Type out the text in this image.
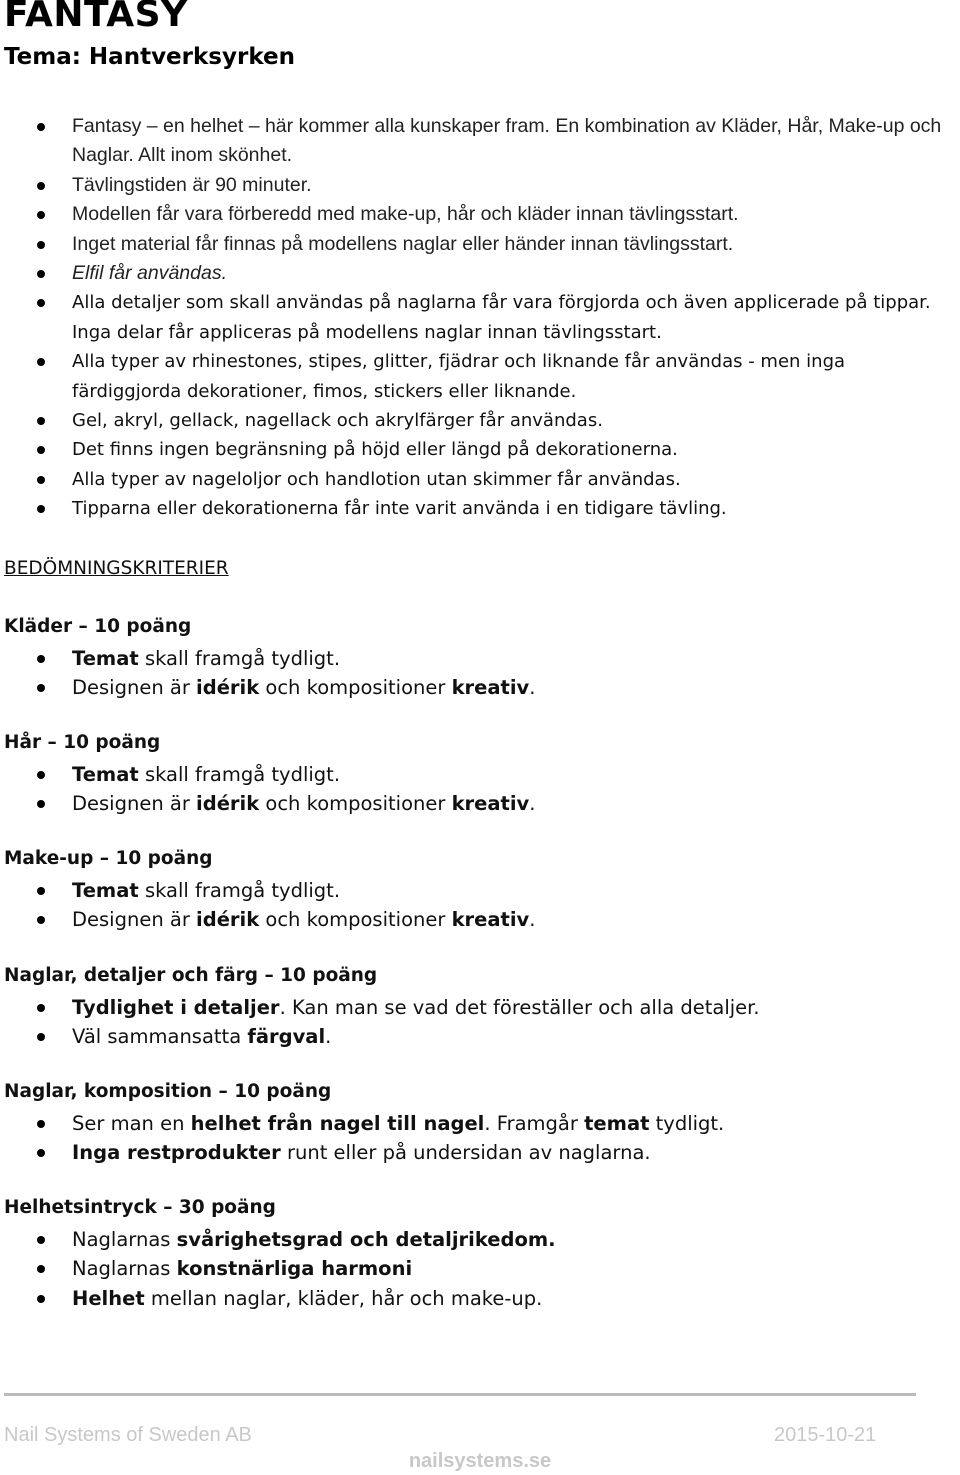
FANTASY
Tema: Hantverksyrken
Fantasy – en helhet – här kommer alla kunskaper fram. En kombination av Kläder, Hår, Make-up och Naglar. Allt inom skönhet.
Tävlingstiden är 90 minuter.
Modellen får vara förberedd med make-up, hår och kläder innan tävlingsstart.
Inget material får finnas på modellens naglar eller händer innan tävlingsstart.
Elfil får användas.
Alla detaljer som skall användas på naglarna får vara förgjorda och även applicerade på tippar. Inga delar får appliceras på modellens naglar innan tävlingsstart.
Alla typer av rhinestones, stipes, glitter, fjädrar och liknande får användas - men inga färdiggjorda dekorationer, fimos, stickers eller liknande.
Gel, akryl, gellack, nagellack och akrylfärger får användas.
Det finns ingen begränsning på höjd eller längd på dekorationerna.
Alla typer av nageloljor och handlotion utan skimmer får användas.
Tipparna eller dekorationerna får inte varit använda i en tidigare tävling.
BEDÖMNINGSKRITERIER
Kläder – 10 poäng
Temat skall framgå tydligt.
Designen är idérik och kompositioner kreativ.
Hår – 10 poäng
Temat skall framgå tydligt.
Designen är idérik och kompositioner kreativ.
Make-up – 10 poäng
Temat skall framgå tydligt.
Designen är idérik och kompositioner kreativ.
Naglar, detaljer och färg – 10 poäng
Tydlighet i detaljer. Kan man se vad det föreställer och alla detaljer.
Väl sammansatta färgval.
Naglar, komposition – 10 poäng
Ser man en helhet från nagel till nagel. Framgår temat tydligt.
Inga restprodukter runt eller på undersidan av naglarna.
Helhetsintryck – 30 poäng
Naglarnas svårighetsgrad och detaljrikedom.
Naglarnas konstnärliga harmoni
Helhet mellan naglar, kläder, hår och make-up.
Nail Systems of Sweden AB	2015-10-21
nailsystems.se
